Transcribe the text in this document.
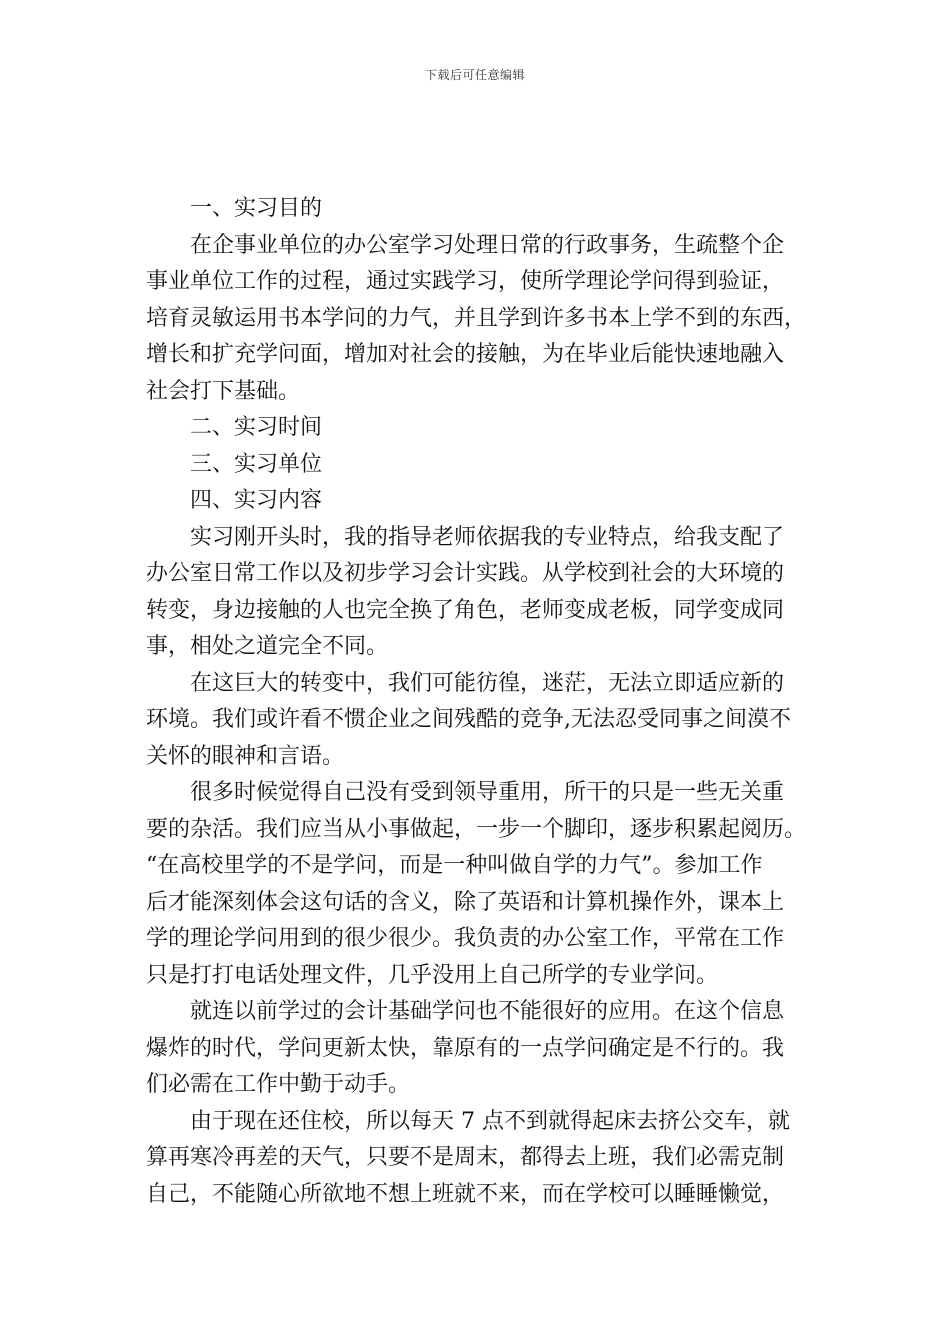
下载后可任意编辑

一、实习目的

在企事业单位的办公室学习处理日常的行政事务，生疏整个企

事业单位工作的过程，通过实践学习，使所学理论学问得到验证，

培育灵敏运用书本学问的力气，并且学到许多书本上学不到的东西，

增长和扩充学问面，增加对社会的接触，为在毕业后能快速地融入

社会打下基础。

二、实习时间

三、实习单位

四、实习内容

实习刚开头时，我的指导老师依据我的专业特点，给我支配了

办公室日常工作以及初步学习会计实践。从学校到社会的大环境的

转变，身边接触的人也完全换了角色，老师变成老板，同学变成同

事，相处之道完全不同。

在这巨大的转变中，我们可能彷徨，迷茫，无法立即适应新的

环境。我们或许看不惯企业之间残酷的竞争,无法忍受同事之间漠不

关怀的眼神和言语。

很多时候觉得自己没有受到领导重用，所干的只是一些无关重

要的杂活。我们应当从小事做起，一步一个脚印，逐步积累起阅历。

“在高校里学的不是学问，而是一种叫做自学的力气”。参加工作

后才能深刻体会这句话的含义，除了英语和计算机操作外，课本上

学的理论学问用到的很少很少。我负责的办公室工作，平常在工作

只是打打电话处理文件，几乎没用上自己所学的专业学问。

就连以前学过的会计基础学问也不能很好的应用。在这个信息

爆炸的时代，学问更新太快，靠原有的一点学问确定是不行的。我

们必需在工作中勤于动手。

由于现在还住校，所以每天 7 点不到就得起床去挤公交车，就

算再寒冷再差的天气，只要不是周末，都得去上班，我们必需克制

自己，不能随心所欲地不想上班就不来，而在学校可以睡睡懒觉，
